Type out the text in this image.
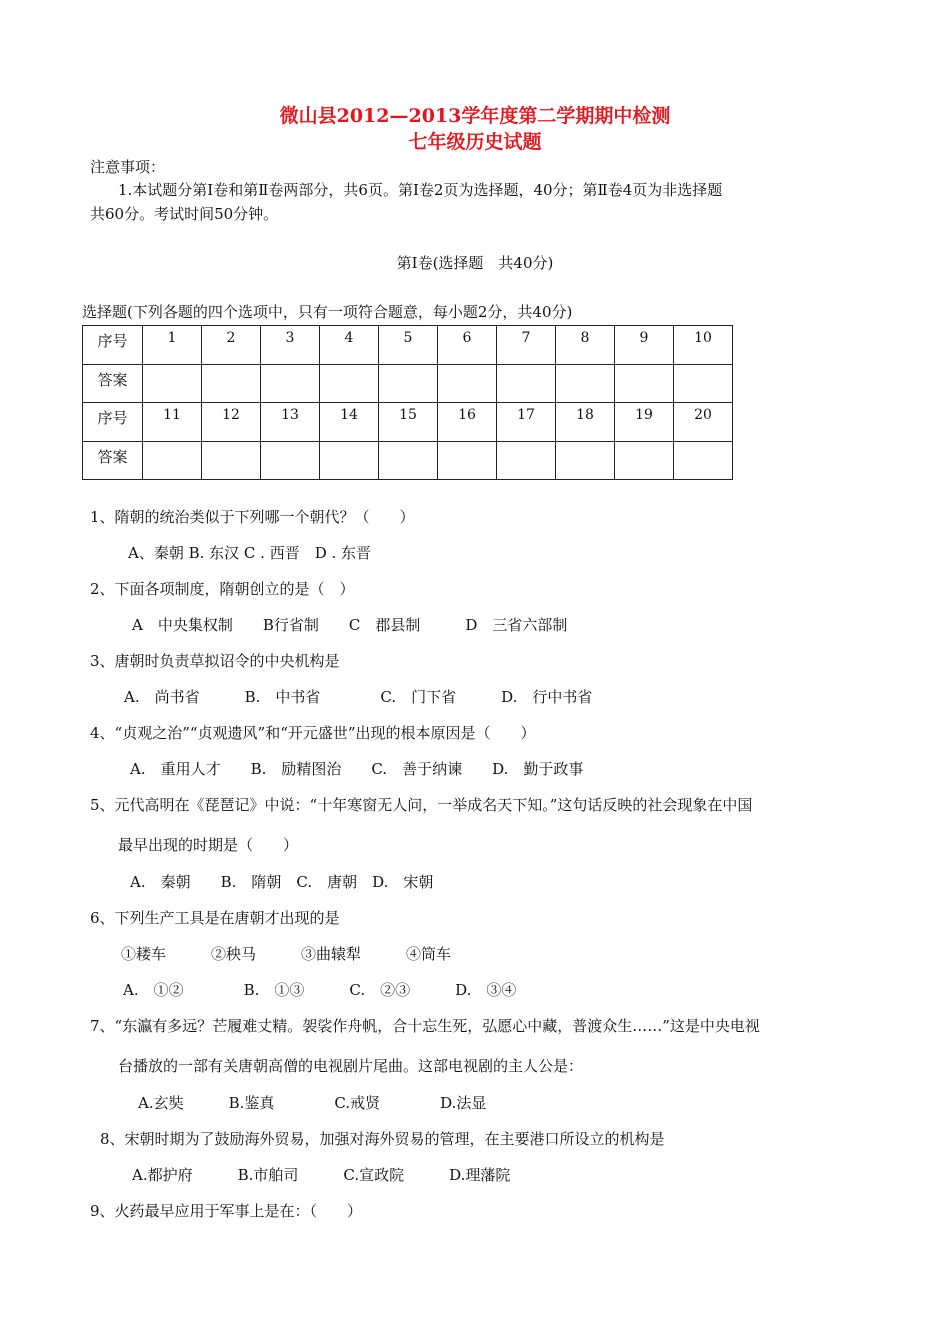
微山县2012—2013学年度第二学期期中检测
七年级历史试题
注意事项：
1.本试题分第Ⅰ卷和第Ⅱ卷两部分，共6页。第Ⅰ卷2页为选择题，40分；第Ⅱ卷4页为非选择题
共60分。考试时间50分钟。
第Ⅰ卷(选择题　共40分)
选择题(下列各题的四个选项中，只有一项符合题意，每小题2分，共40分)
序号	1	2	3	4	5	6	7	8	9	10
答案										
序号	11	12	13	14	15	16	17	18	19	20
答案										
1、隋朝的统治类似于下列哪一个朝代？（　　）
A、秦朝 B. 东汉 C . 西晋　D . 东晋
2、下面各项制度，隋朝创立的是（　）
A　中央集权制　　B行省制　　C　郡县制　　　D　三省六部制
3、唐朝时负责草拟诏令的中央机构是
A.　尚书省　　　B.　中书省　　　　C.　门下省　　　D.　行中书省
4、“贞观之治”“贞观遗风”和“开元盛世”出现的根本原因是（　　）
A.　重用人才　　B.　励精图治　　C.　善于纳谏　　D.　勤于政事
5、元代高明在《琵琶记》中说：“十年寒窗无人问，一举成名天下知。”这句话反映的社会现象在中国
最早出现的时期是（　　）
A.　秦朝　　B.　隋朝　C.　唐朝　D.　宋朝
6、下列生产工具是在唐朝才出现的是
①耧车　　　②秧马　　　③曲辕犁　　　④筒车
A.　①②　　　　B.　①③　　　C.　②③　　　D.　③④
7、“东瀛有多远？芒履难丈精。袈裟作舟帆，合十忘生死，弘愿心中藏，普渡众生……”这是中央电视
台播放的一部有关唐朝高僧的电视剧片尾曲。这部电视剧的主人公是：
A.玄奘　　　B.鉴真　　　　C.戒贤　　　　D.法显
8、宋朝时期为了鼓励海外贸易，加强对海外贸易的管理，在主要港口所设立的机构是
A.都护府　　　B.市舶司　　　C.宣政院　　　D.理藩院
9、火药最早应用于军事上是在：（　　）
